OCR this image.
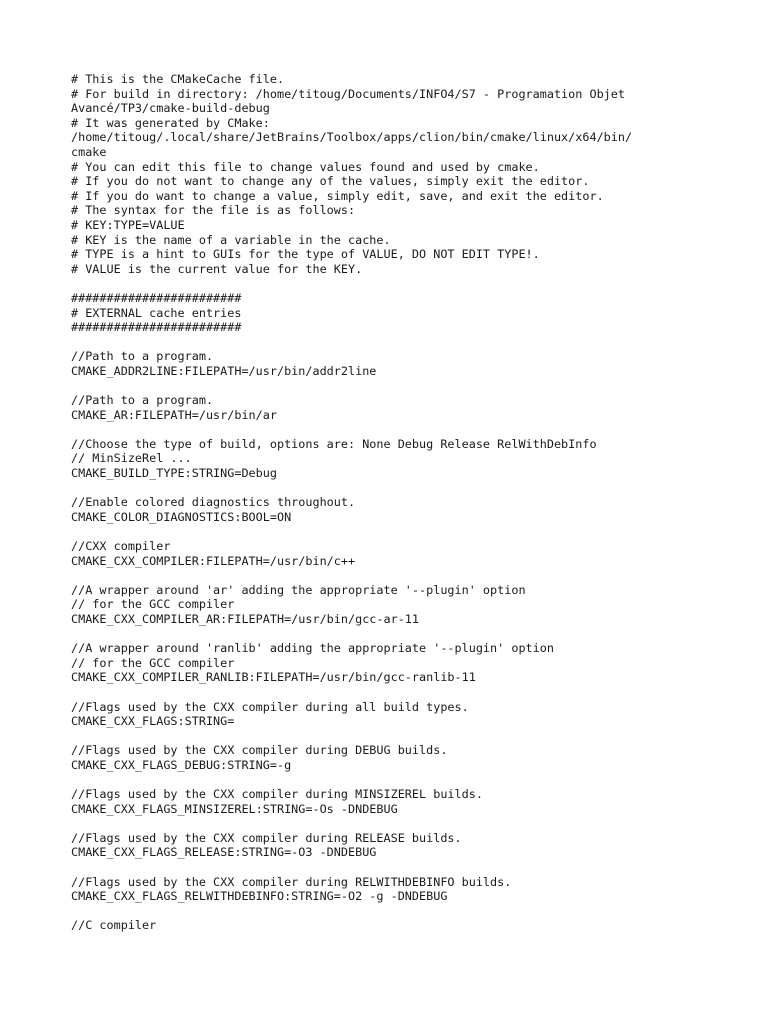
# This is the CMakeCache file.
# For build in directory: /home/titoug/Documents/INFO4/S7 - Programation Objet
Avancé/TP3/cmake-build-debug
# It was generated by CMake:
/home/titoug/.local/share/JetBrains/Toolbox/apps/clion/bin/cmake/linux/x64/bin/
cmake
# You can edit this file to change values found and used by cmake.
# If you do not want to change any of the values, simply exit the editor.
# If you do want to change a value, simply edit, save, and exit the editor.
# The syntax for the file is as follows:
# KEY:TYPE=VALUE
# KEY is the name of a variable in the cache.
# TYPE is a hint to GUIs for the type of VALUE, DO NOT EDIT TYPE!.
# VALUE is the current value for the KEY.
########################
# EXTERNAL cache entries
########################
//Path to a program.
CMAKE_ADDR2LINE:FILEPATH=/usr/bin/addr2line
//Path to a program.
CMAKE_AR:FILEPATH=/usr/bin/ar
//Choose the type of build, options are: None Debug Release RelWithDebInfo
// MinSizeRel ...
CMAKE_BUILD_TYPE:STRING=Debug
//Enable colored diagnostics throughout.
CMAKE_COLOR_DIAGNOSTICS:BOOL=ON
//CXX compiler
CMAKE_CXX_COMPILER:FILEPATH=/usr/bin/c++
//A wrapper around 'ar' adding the appropriate '--plugin' option
// for the GCC compiler
CMAKE_CXX_COMPILER_AR:FILEPATH=/usr/bin/gcc-ar-11
//A wrapper around 'ranlib' adding the appropriate '--plugin' option
// for the GCC compiler
CMAKE_CXX_COMPILER_RANLIB:FILEPATH=/usr/bin/gcc-ranlib-11
//Flags used by the CXX compiler during all build types.
CMAKE_CXX_FLAGS:STRING=
//Flags used by the CXX compiler during DEBUG builds.
CMAKE_CXX_FLAGS_DEBUG:STRING=-g
//Flags used by the CXX compiler during MINSIZEREL builds.
CMAKE_CXX_FLAGS_MINSIZEREL:STRING=-Os -DNDEBUG
//Flags used by the CXX compiler during RELEASE builds.
CMAKE_CXX_FLAGS_RELEASE:STRING=-O3 -DNDEBUG
//Flags used by the CXX compiler during RELWITHDEBINFO builds.
CMAKE_CXX_FLAGS_RELWITHDEBINFO:STRING=-O2 -g -DNDEBUG
//C compiler
